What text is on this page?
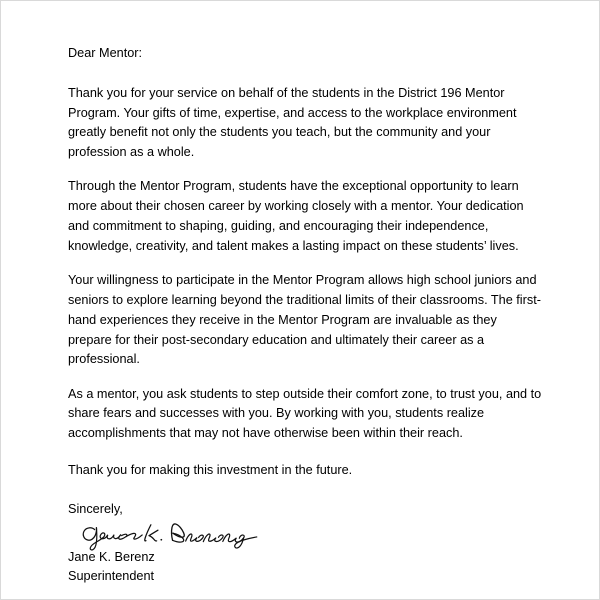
Dear Mentor:

Thank you for your service on behalf of the students in the District 196 Mentor Program. Your gifts of time, expertise, and access to the workplace environment greatly benefit not only the students you teach, but the community and your profession as a whole.

Through the Mentor Program, students have the exceptional opportunity to learn more about their chosen career by working closely with a mentor. Your dedication and commitment to shaping, guiding, and encouraging their independence, knowledge, creativity, and talent makes a lasting impact on these students’ lives.

Your willingness to participate in the Mentor Program allows high school juniors and seniors to explore learning beyond the traditional limits of their classrooms. The first-hand experiences they receive in the Mentor Program are invaluable as they prepare for their post-secondary education and ultimately their career as a professional.

As a mentor, you ask students to step outside their comfort zone, to trust you, and to share fears and successes with you. By working with you, students realize accomplishments that may not have otherwise been within their reach.

Thank you for making this investment in the future.

Sincerely,

Jane K. Berenz

Superintendent
